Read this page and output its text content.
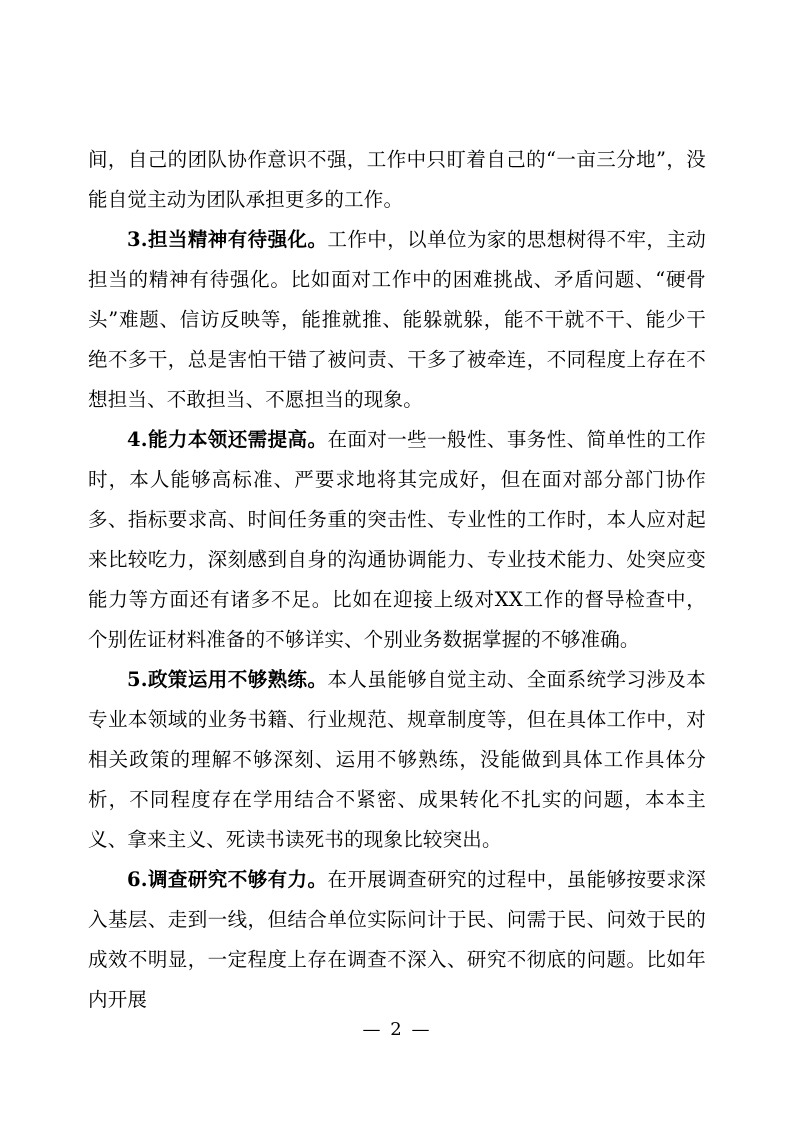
间，自己的团队协作意识不强，工作中只盯着自己的“一亩三分地”，没能自觉主动为团队承担更多的工作。

3.担当精神有待强化。工作中，以单位为家的思想树得不牢，主动担当的精神有待强化。比如面对工作中的困难挑战、矛盾问题、“硬骨头”难题、信访反映等，能推就推、能躲就躲，能不干就不干、能少干绝不多干，总是害怕干错了被问责、干多了被牵连，不同程度上存在不想担当、不敢担当、不愿担当的现象。

4.能力本领还需提高。在面对一些一般性、事务性、简单性的工作时，本人能够高标准、严要求地将其完成好，但在面对部分部门协作多、指标要求高、时间任务重的突击性、专业性的工作时，本人应对起来比较吃力，深刻感到自身的沟通协调能力、专业技术能力、处突应变能力等方面还有诸多不足。比如在迎接上级对XX工作的督导检查中，个别佐证材料准备的不够详实、个别业务数据掌握的不够准确。

5.政策运用不够熟练。本人虽能够自觉主动、全面系统学习涉及本专业本领域的业务书籍、行业规范、规章制度等，但在具体工作中，对相关政策的理解不够深刻、运用不够熟练，没能做到具体工作具体分析，不同程度存在学用结合不紧密、成果转化不扎实的问题，本本主义、拿来主义、死读书读死书的现象比较突出。

6.调查研究不够有力。在开展调查研究的过程中，虽能够按要求深入基层、走到一线，但结合单位实际问计于民、问需于民、问效于民的成效不明显，一定程度上存在调查不深入、研究不彻底的问题。比如年内开展

— 2 —
